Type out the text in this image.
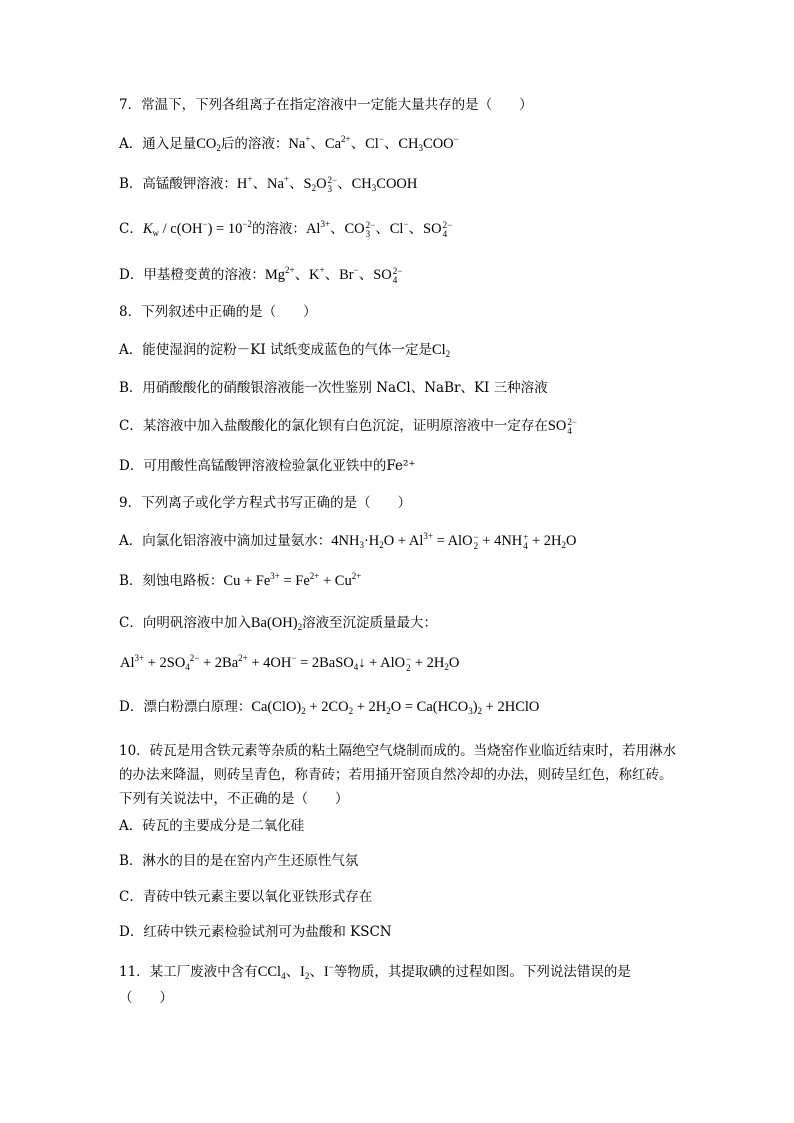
7．常温下，下列各组离子在指定溶液中一定能大量共存的是（　　）
A．通入足量$CO_2$后的溶液：Na+、$Ca^{2+}$、Cl−、$CH_3COO^-$
B．高锰酸钾溶液：H+、Na+、$S_2O$ 2−
3 、$CH_3COOH$
C．$K_w / c(OH^-) = 10^{-2}$的溶液：$Al^{3+}$、CO 2−
3 、Cl−、SO 2−
4
D．甲基橙变黄的溶液：$Mg^{2+}$、K+、Br−、SO 2−
4
8．下列叙述中正确的是（　　）
A．能使湿润的淀粉－KI 试纸变成蓝色的气体一定是$Cl_2$
B．用硝酸酸化的硝酸银溶液能一次性鉴别 NaCl、NaBr、KI 三种溶液
C．某溶液中加入盐酸酸化的氯化钡有白色沉淀，证明原溶液中一定存在SO 2−
4
D．可用酸性高锰酸钾溶液检验氯化亚铁中的Fe²⁺
9．下列离子或化学方程式书写正确的是（　　）
A．向氯化铝溶液中滴加过量氨水：$4NH_3\cdot H_2O + Al^{3+}$ = AlO −
2 + 4NH +
$4 + 2H_2O$
B．刻蚀电路板：$Cu + Fe^{3+} = Fe^{2+} + Cu^{2+}$
C．向明矾溶液中加入$Ba(OH)_2$溶液至沉淀质量最大：
$Al^{3+} + 2SO_4^{2-} + 2Ba^{2+} + 4OH^-$ = 2BaSO$_4$↓ + AlO −
$2 + 2H_2O$
D．漂白粉漂白原理：$Ca(ClO)_2 + 2CO_2 + 2H_2O = Ca(HCO_3)_2$ + 2HClO
10．砖瓦是用含铁元素等杂质的粘土隔绝空气烧制而成的。当烧窑作业临近结束时，若用淋水的办法来降温，则砖呈青色，称青砖；若用捅开窑顶自然冷却的办法，则砖呈红色，称红砖。下列有关说法中，不正确的是（　　）
A．砖瓦的主要成分是二氧化硅
B．淋水的目的是在窑内产生还原性气氛
C．青砖中铁元素主要以氧化亚铁形式存在
D．红砖中铁元素检验试剂可为盐酸和 KSCN
11．某工厂废液中含有CCl$_4$、$I_2$、I−等物质，其提取碘的过程如图。下列说法错误的是
（　　）
